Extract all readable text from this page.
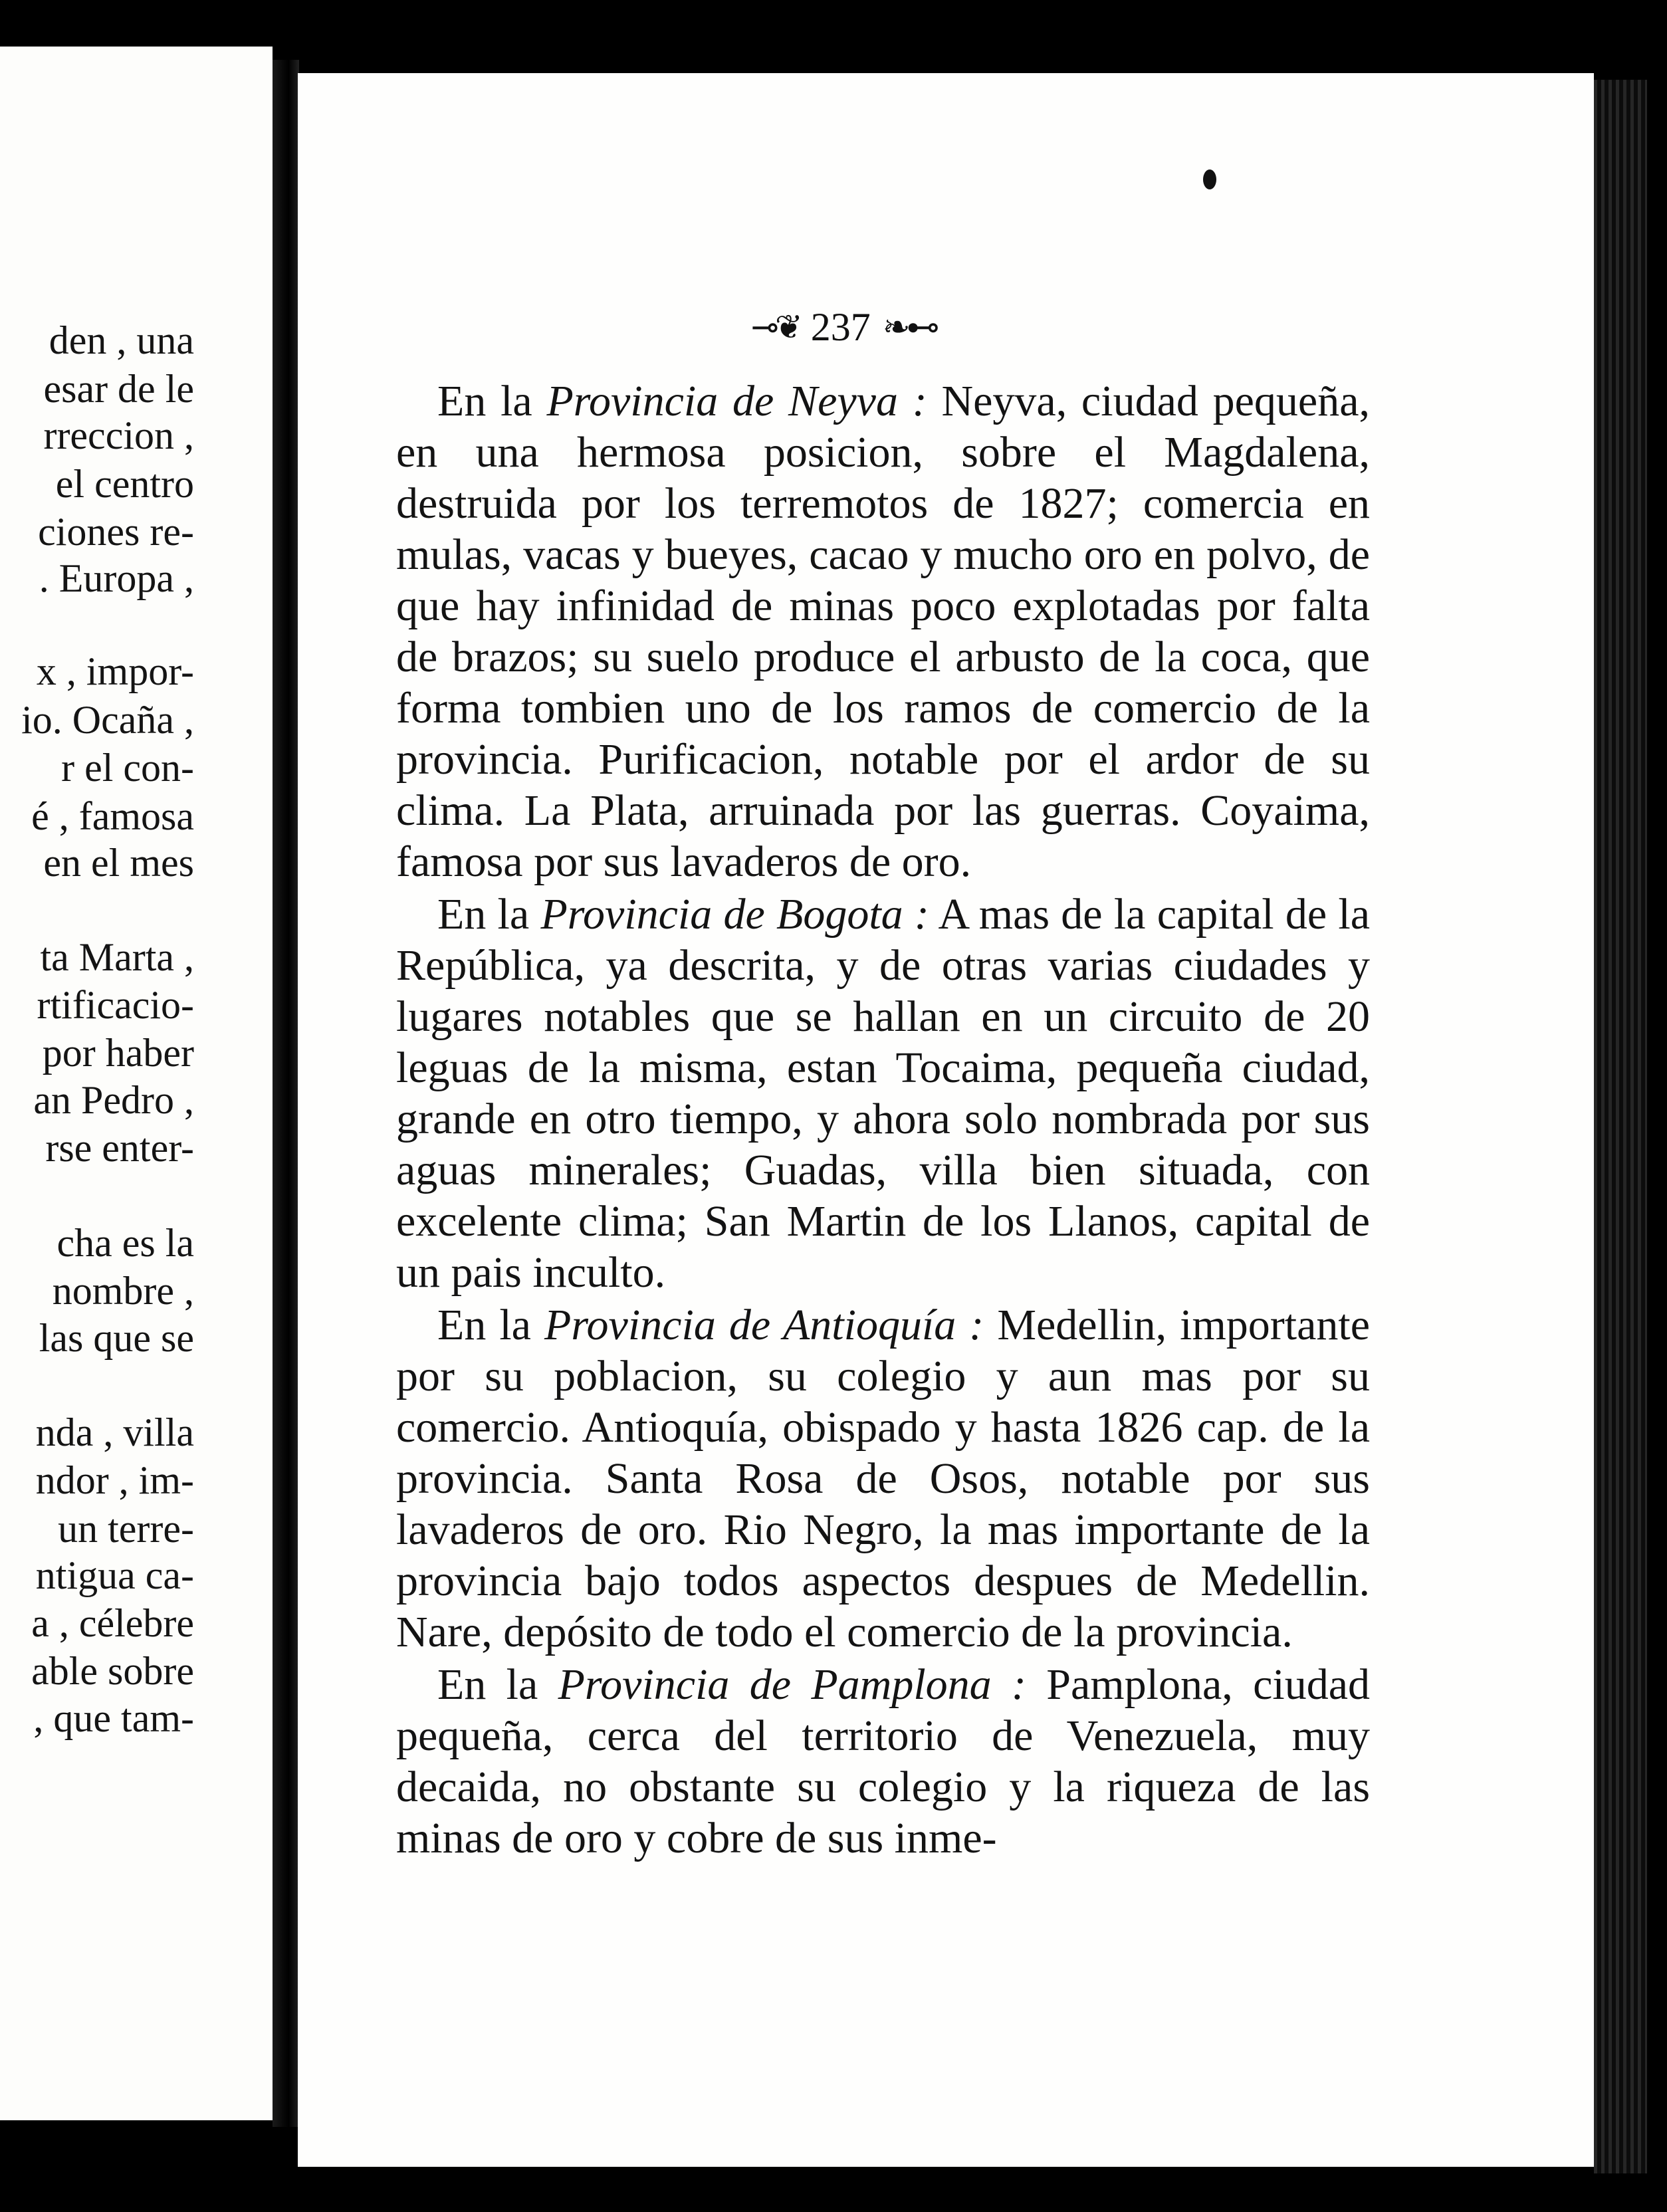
den , una
esar de le
rreccion ,
el centro
ciones re-
. Europa ,
x , impor-
io. Ocaña ,
r el con-
é , famosa
en el mes
ta Marta ,
rtificacio-
por haber
an Pedro ,
rse enter-
cha es la
nombre ,
las que se
nda , villa
ndor , im-
un terre-
ntigua ca-
a , célebre
able sobre
, que tam-
⊸❦ 237 ❧⊷

En la Provincia de Neyva : Neyva, ciudad pequeña, en una hermosa posicion, sobre el Magdalena, destruida por los terremotos de 1827; comercia en mulas, vacas y bueyes, cacao y mucho oro en polvo, de que hay infinidad de minas poco explotadas por falta de brazos; su suelo produce el arbusto de la coca, que forma tombien uno de los ramos de comercio de la provincia. Purificacion, notable por el ardor de su clima. La Plata, arruinada por las guerras. Coyaima, famosa por sus lavaderos de oro.

En la Provincia de Bogota : A mas de la capital de la República, ya descrita, y de otras varias ciudades y lugares notables que se hallan en un circuito de 20 leguas de la misma, estan Tocaima, pequeña ciudad, grande en otro tiempo, y ahora solo nombrada por sus aguas minerales; Guadas, villa bien situada, con excelente clima; San Martin de los Llanos, capital de un pais inculto.

En la Provincia de Antioquía : Medellin, importante por su poblacion, su colegio y aun mas por su comercio. Antioquía, obispado y hasta 1826 cap. de la provincia. Santa Rosa de Osos, notable por sus lavaderos de oro. Rio Negro, la mas importante de la provincia bajo todos aspectos despues de Medellin. Nare, depósito de todo el comercio de la provincia.

En la Provincia de Pamplona : Pamplona, ciudad pequeña, cerca del territorio de Venezuela, muy decaida, no obstante su colegio y la riqueza de las minas de oro y cobre de sus inme-
